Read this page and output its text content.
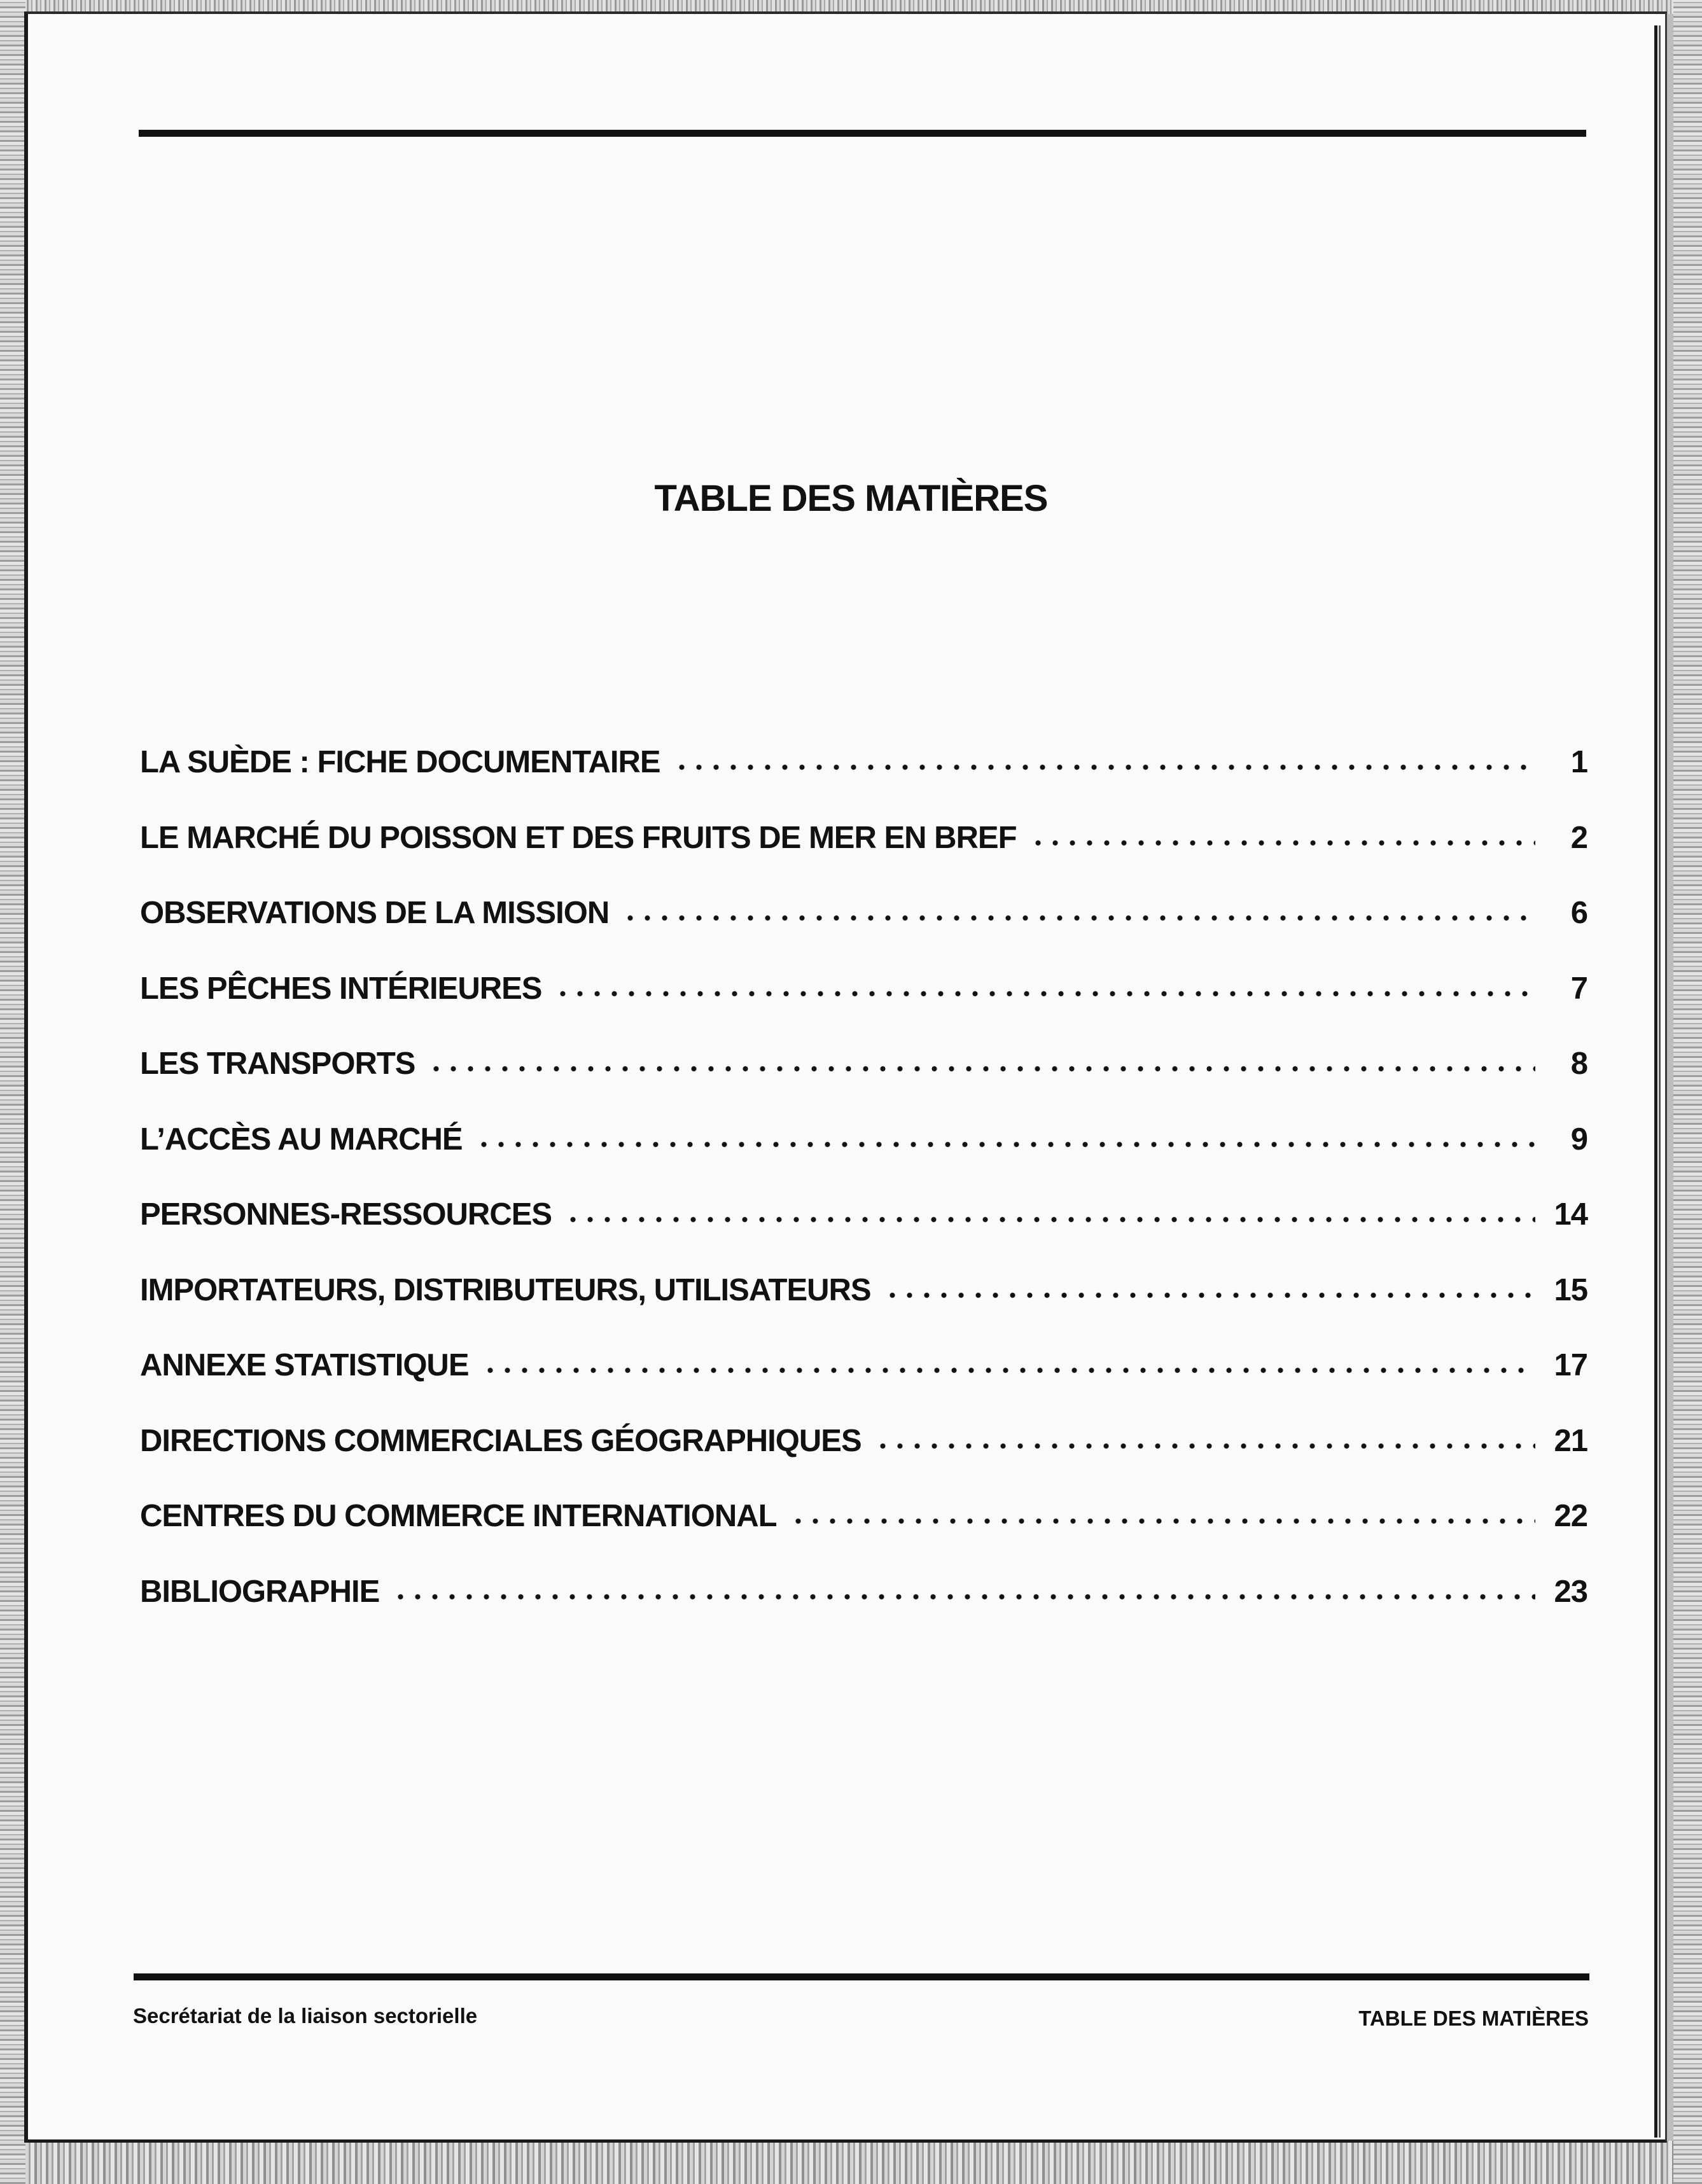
TABLE DES MATIÈRES
LA SUÈDE : FICHE DOCUMENTAIRE	1
LE MARCHÉ DU POISSON ET DES FRUITS DE MER EN BREF	2
OBSERVATIONS DE LA MISSION	6
LES PÊCHES INTÉRIEURES	7
LES TRANSPORTS	8
L’ACCÈS AU MARCHÉ	9
PERSONNES-RESSOURCES	14
IMPORTATEURS, DISTRIBUTEURS, UTILISATEURS	15
ANNEXE STATISTIQUE	17
DIRECTIONS COMMERCIALES GÉOGRAPHIQUES	21
CENTRES DU COMMERCE INTERNATIONAL	22
BIBLIOGRAPHIE	23
Secrétariat de la liaison sectorielle	TABLE DES MATIÈRES
